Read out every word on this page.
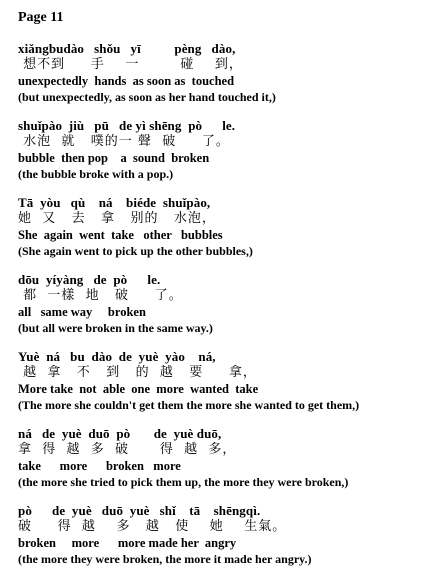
Page 11
xiǎngbudào   shǒu   yī          pèng   dào,
想不到     手    一        碰    到，
unexpectedly  hands  as soon as  touched
(but unexpectedly, as soon as her hand touched it,)
shuǐpào  jiù   pū   de yì shēng  pò      le.
水泡  就   噗的一 聲  破     了。
bubble  then pop    a  sound  broken
(the bubble broke with a pop.)
Tā  yòu   qù    ná    biéde  shuǐpào,
她  又   去   拿   别的   水泡，
She  again  went  take   other   bubbles
(She again went to pick up the other bubbles,)
dōu  yíyàng   de  pò      le.
都  一樣  地   破     了。
all   same way     broken
(but all were broken in the same way.)
Yuè  ná   bu  dào  de  yuè  yào    ná,
越  拿   不   到   的  越   要     拿，
More take  not  able  one  more  wanted  take
(The more she couldn't get them the more she wanted to get them,)
ná   de  yuè  duō  pò       de  yuè duō,
拿  得  越  多  破      得  越  多，
take      more      broken   more
(the more she tried to pick them up, the more they were broken,)
pò      de  yuè   duō  yuè   shǐ    tā    shēngqì.
破     得  越    多   越   使    她    生氣。
broken     more      more made her  angry
(the more they were broken, the more it made her angry.)
